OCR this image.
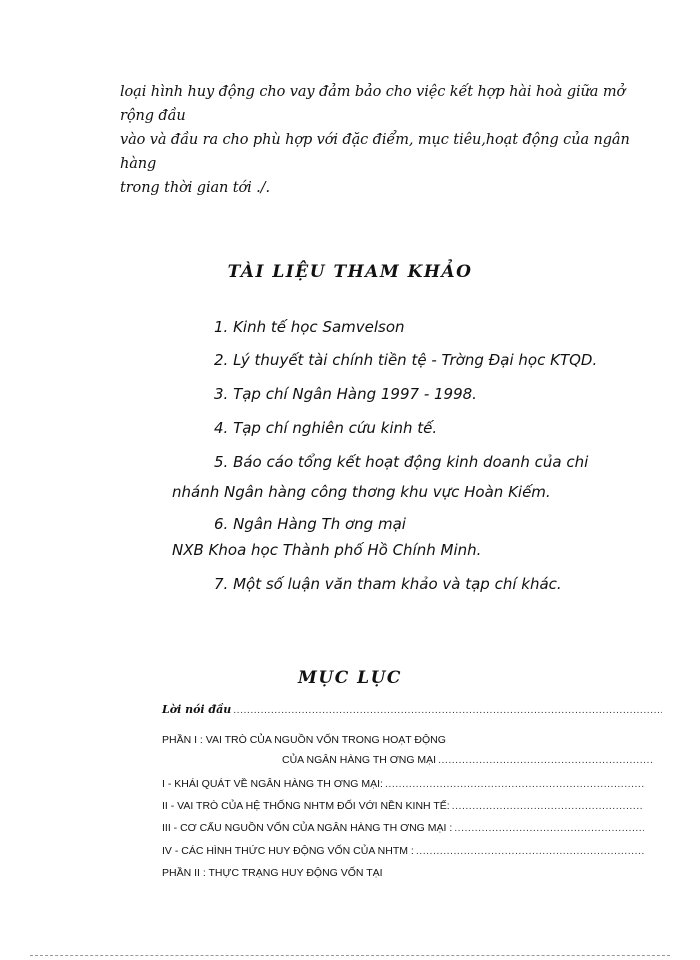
loại hình huy động cho vay đảm bảo cho việc kết hợp hài hoà giữa mở rộng đầu

vào và đầu ra cho phù hợp với đặc điểm, mục tiêu,hoạt động của ngân hàng

trong thời gian tới ./.

TÀI LIỆU THAM KHẢO
1. Kinh tế học Samvelson
2. Lý thuyết tài chính tiền tệ - Trờng Đại học KTQD.
3. Tạp chí Ngân Hàng 1997 - 1998.
4. Tạp chí nghiên cứu kinh tế.
5. Báo cáo tổng kết hoạt động kinh doanh của chi
nhánh Ngân hàng công thơng khu vực Hoàn Kiếm.
6. Ngân Hàng Th ơng mại
NXB Khoa học Thành phố Hồ Chính Minh.
7. Một số luận văn tham khảo và tạp chí khác.
MỤC LỤC
Lời nói đầu
.....
PHẦN I : VAI TRÒ CỦA NGUỒN VỐN TRONG HOẠT ĐỘNG
CỦA NGÂN HÀNG TH ƠNG MẠI
.....
I - KHÁI QUÁT VỀ NGÂN HÀNG TH ƠNG MẠI:
.....
II - VAI TRÒ CỦA HỆ THỐNG NHTM ĐỐI VỚI NỀN KINH TẾ:
.....
III - CƠ CẤU NGUỒN VỐN CỦA NGÂN HÀNG TH ƠNG MẠI :
.....
IV - CÁC HÌNH THỨC HUY ĐỘNG VỐN CỦA NHTM :
.....
PHẦN II : THỰC TRẠNG HUY ĐỘNG VỐN TẠI
